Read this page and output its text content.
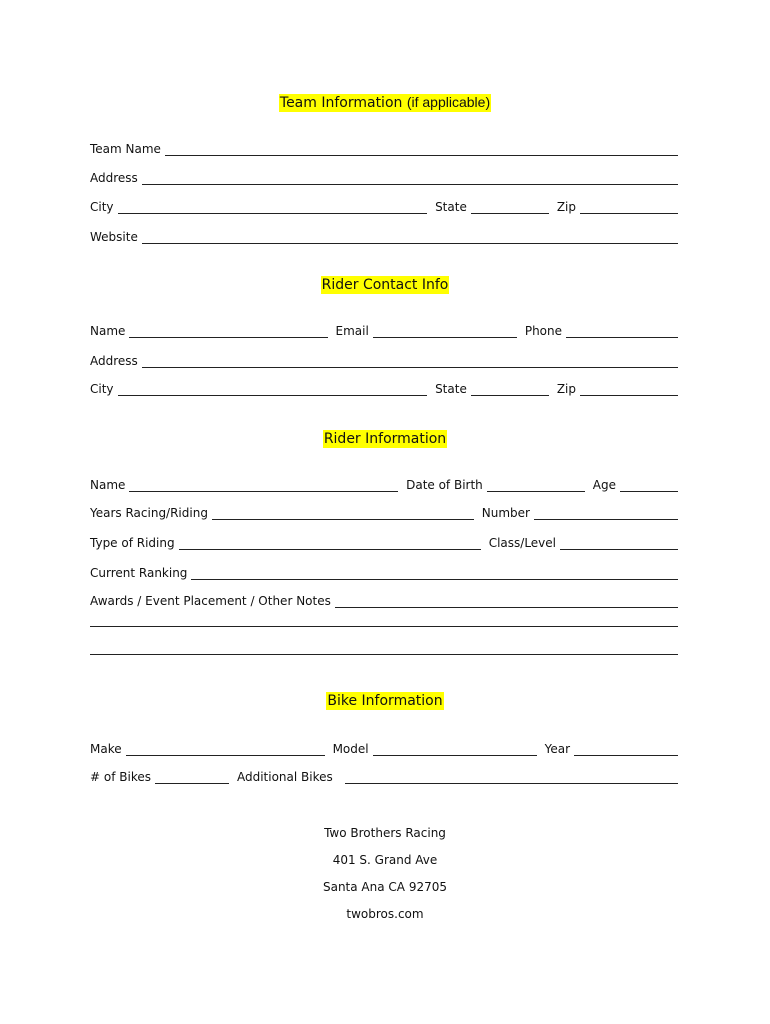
Team Information (if applicable)
Team Name
Address
City	State	Zip
Website
Rider Contact Info
Name	Email	Phone
Address
City	State	Zip
Rider Information
Name	Date of Birth	Age
Years Racing/Riding	Number
Type of Riding	Class/Level
Current Ranking
Awards / Event Placement / Other Notes
Bike Information
Make	Model	Year
# of Bikes	Additional Bikes
Two Brothers Racing
401 S. Grand Ave
Santa Ana CA 92705
twobros.com
